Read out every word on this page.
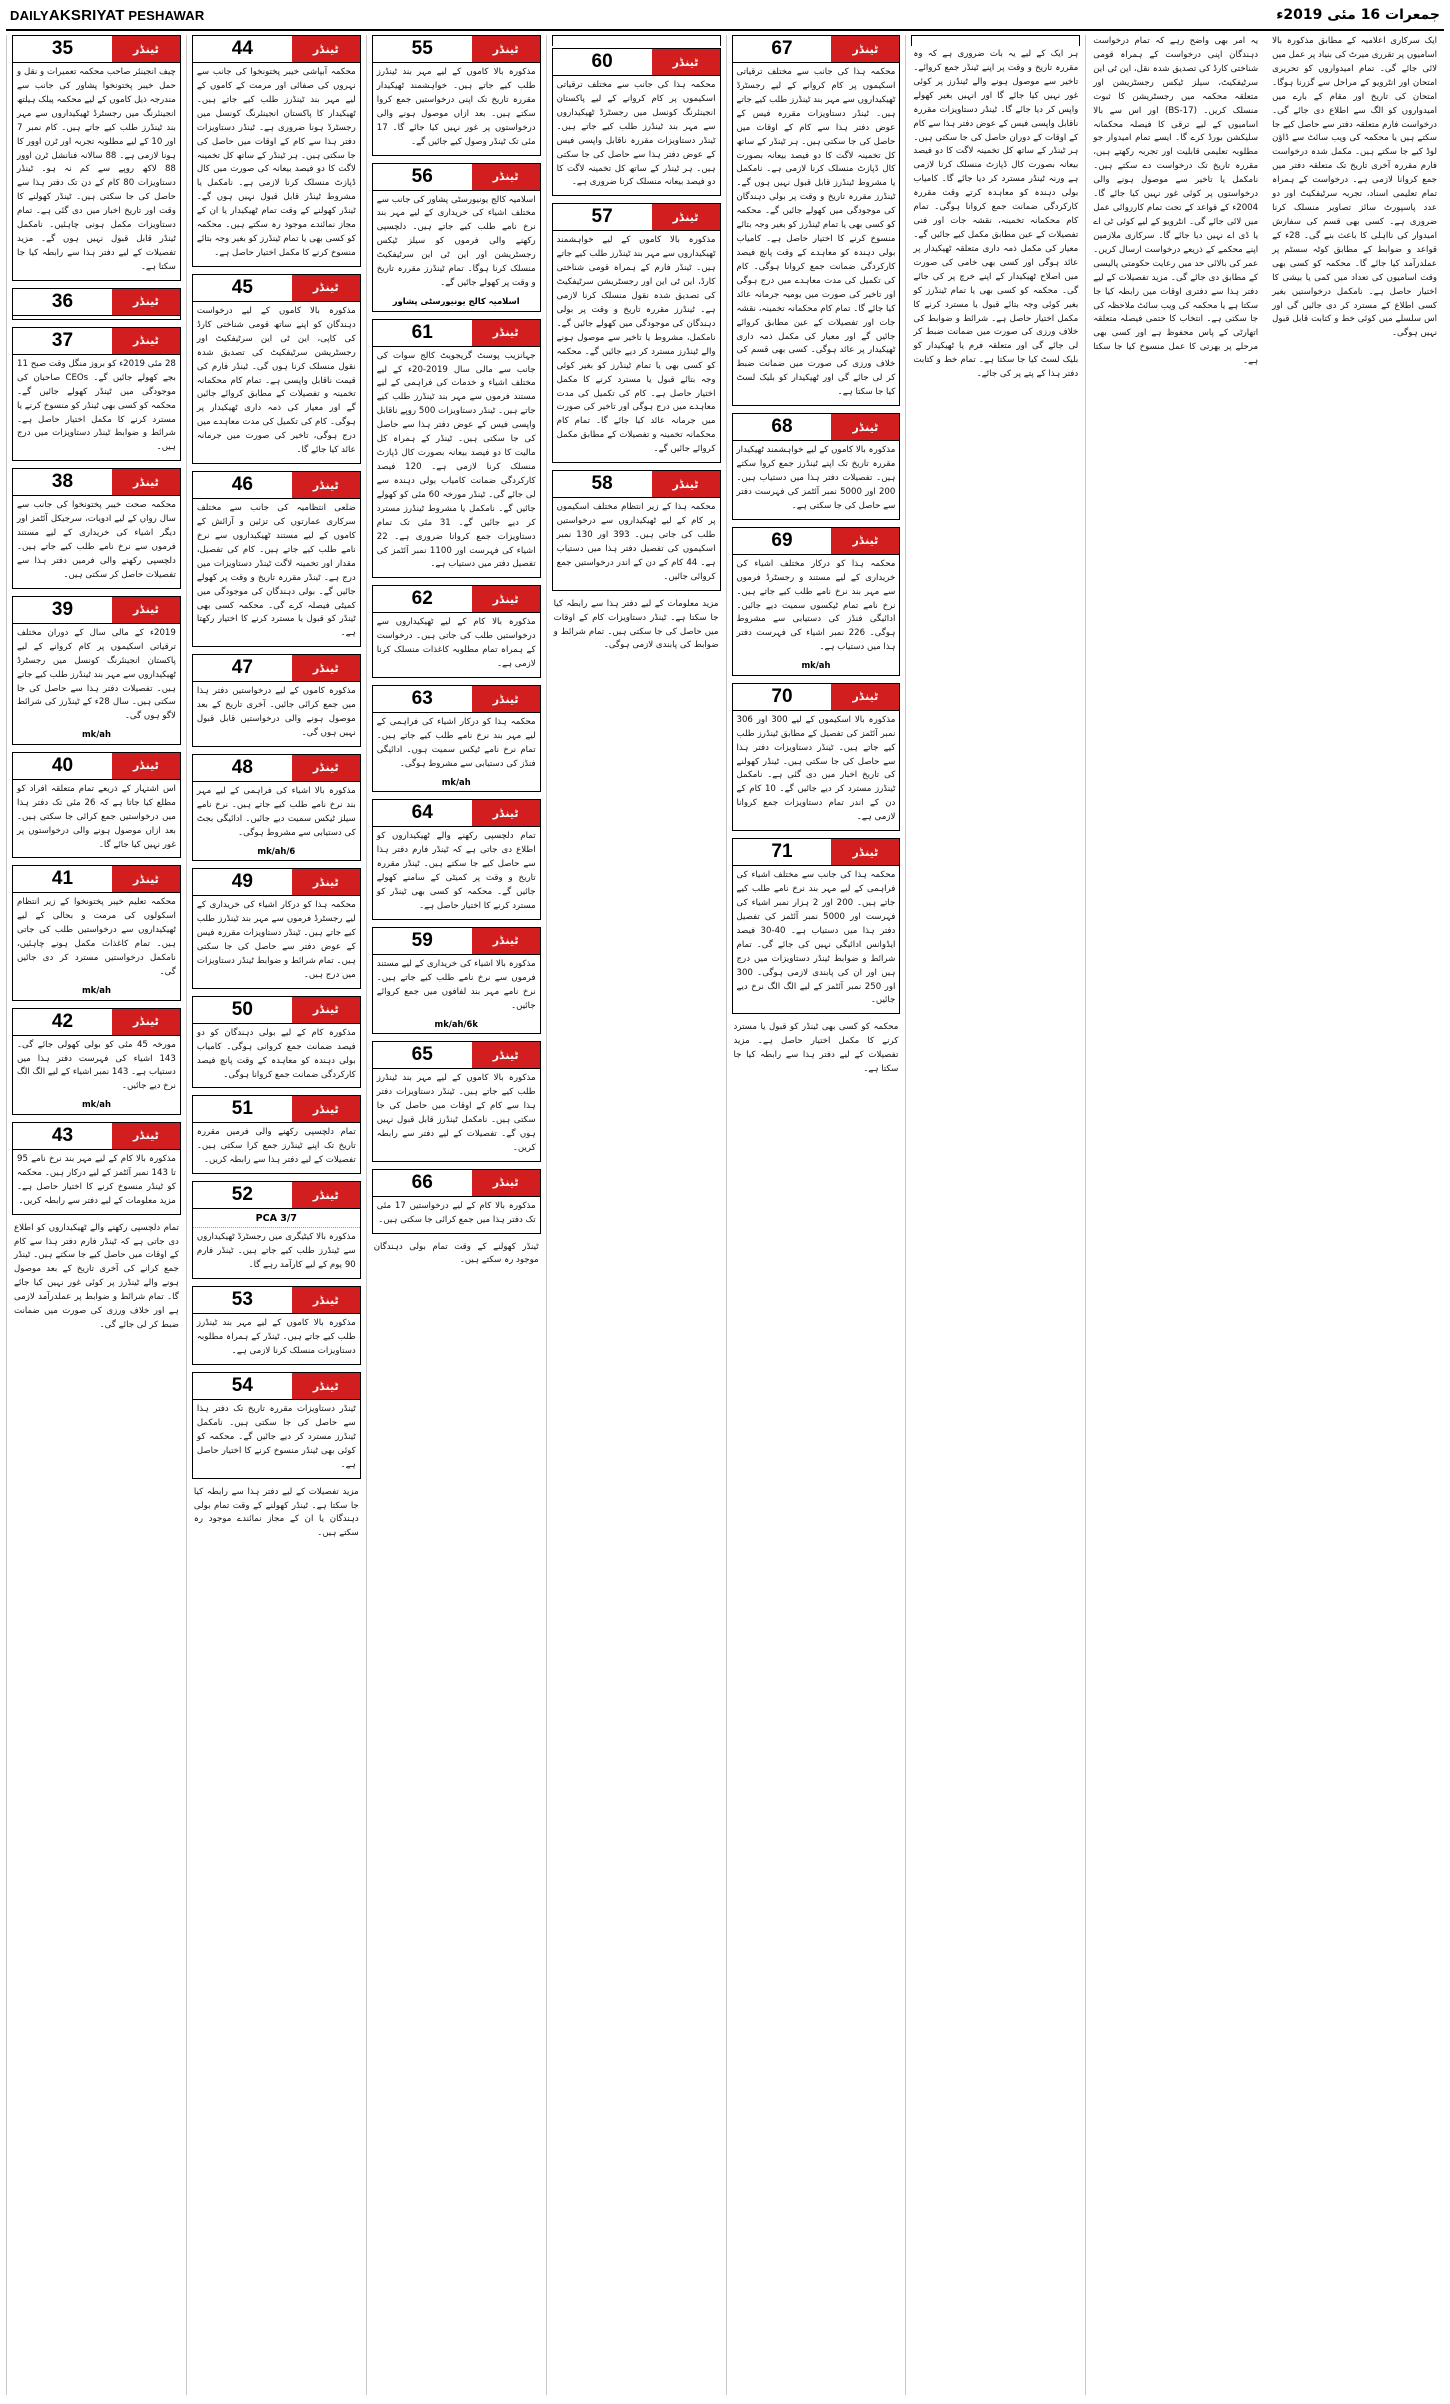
DAILYAKSRIYAT PESHAWAR	جمعرات 16 مئی 2019ء
ٹینڈر
35
چیف انجینئر صاحب محکمہ تعمیرات و نقل و حمل خیبر پختونخوا پشاور کی جانب سے مندرجہ ذیل کاموں کے لیے محکمہ پبلک ہیلتھ انجینئرنگ میں رجسٹرڈ ٹھیکیداروں سے مہر بند ٹینڈرز طلب کیے جاتے ہیں۔ کام نمبر 7 اور 10 کے لیے مطلوبہ تجربہ اور ٹرن اوور کا ہونا لازمی ہے۔ 88 سالانہ فنانشل ٹرن اوور 88 لاکھ روپے سے کم نہ ہو۔ ٹینڈر دستاویزات 80 کام کے دن تک دفتر ہذا سے حاصل کی جا سکتی ہیں۔ ٹینڈر کھولنے کا وقت اور تاریخ اخبار میں دی گئی ہے۔ تمام دستاویزات مکمل ہونی چاہئیں۔ نامکمل ٹینڈر قابل قبول نہیں ہوں گے۔ مزید تفصیلات کے لیے دفتر ہذا سے رابطہ کیا جا سکتا ہے۔
ٹینڈر
36
ٹینڈر
37
28 مئی 2019ء کو بروز منگل وقت صبح 11 بجے کھولے جائیں گے۔ CEOs صاحبان کی موجودگی میں ٹینڈر کھولے جائیں گے۔ محکمہ کو کسی بھی ٹینڈر کو منسوخ کرنے یا مسترد کرنے کا مکمل اختیار حاصل ہے۔ شرائط و ضوابط ٹینڈر دستاویزات میں درج ہیں۔
ٹینڈر
38
محکمہ صحت خیبر پختونخوا کی جانب سے سال رواں کے لیے ادویات، سرجیکل آئٹمز اور دیگر اشیاء کی خریداری کے لیے مستند فرموں سے نرخ نامے طلب کیے جاتے ہیں۔ دلچسپی رکھنے والی فرمیں دفتر ہذا سے تفصیلات حاصل کر سکتی ہیں۔
ٹینڈر
39
2019ء کے مالی سال کے دوران مختلف ترقیاتی اسکیموں پر کام کروانے کے لیے پاکستان انجینئرنگ کونسل میں رجسٹرڈ ٹھیکیداروں سے مہر بند ٹینڈرز طلب کیے جاتے ہیں۔ تفصیلات دفتر ہذا سے حاصل کی جا سکتی ہیں۔ سال 28ء کے ٹینڈرز کی شرائط لاگو ہوں گی۔
mk/ah
ٹینڈر
40
اس اشتہار کے ذریعے تمام متعلقہ افراد کو مطلع کیا جاتا ہے کہ 26 مئی تک دفتر ہذا میں درخواستیں جمع کرائی جا سکتی ہیں۔ بعد ازاں موصول ہونے والی درخواستوں پر غور نہیں کیا جائے گا۔
ٹینڈر
41
محکمہ تعلیم خیبر پختونخوا کے زیر انتظام اسکولوں کی مرمت و بحالی کے لیے ٹھیکیداروں سے درخواستیں طلب کی جاتی ہیں۔ تمام کاغذات مکمل ہونے چاہئیں، نامکمل درخواستیں مسترد کر دی جائیں گی۔
mk/ah
ٹینڈر
42
مورخہ 45 مئی کو بولی کھولی جائے گی۔ 143 اشیاء کی فہرست دفتر ہذا میں دستیاب ہے۔ 143 نمبر اشیاء کے لیے الگ الگ نرخ دیے جائیں۔
mk/ah
ٹینڈر
43
مذکورہ بالا کام کے لیے مہر بند نرخ نامے 95 تا 143 نمبر آئٹمز کے لیے درکار ہیں۔ محکمہ کو ٹینڈر منسوخ کرنے کا اختیار حاصل ہے۔ مزید معلومات کے لیے دفتر سے رابطہ کریں۔
تمام دلچسپی رکھنے والے ٹھیکیداروں کو اطلاع دی جاتی ہے کہ ٹینڈر فارم دفتر ہذا سے کام کے اوقات میں حاصل کیے جا سکتے ہیں۔ ٹینڈر جمع کرانے کی آخری تاریخ کے بعد موصول ہونے والے ٹینڈرز پر کوئی غور نہیں کیا جائے گا۔ تمام شرائط و ضوابط پر عملدرآمد لازمی ہے اور خلاف ورزی کی صورت میں ضمانت ضبط کر لی جائے گی۔
ٹینڈر
44
محکمہ آبپاشی خیبر پختونخوا کی جانب سے نہروں کی صفائی اور مرمت کے کاموں کے لیے مہر بند ٹینڈرز طلب کیے جاتے ہیں۔ ٹھیکیدار کا پاکستان انجینئرنگ کونسل میں رجسٹرڈ ہونا ضروری ہے۔ ٹینڈر دستاویزات دفتر ہذا سے کام کے اوقات میں حاصل کی جا سکتی ہیں۔ ہر ٹینڈر کے ساتھ کل تخمینہ لاگت کا دو فیصد بیعانہ کی صورت میں کال ڈپازٹ منسلک کرنا لازمی ہے۔ نامکمل یا مشروط ٹینڈر قابل قبول نہیں ہوں گے۔ ٹینڈر کھولنے کے وقت تمام ٹھیکیدار یا ان کے مجاز نمائندے موجود رہ سکتے ہیں۔ محکمہ کو کسی بھی یا تمام ٹینڈرز کو بغیر وجہ بتائے منسوخ کرنے کا مکمل اختیار حاصل ہے۔
ٹینڈر
45
مذکورہ بالا کاموں کے لیے درخواست دہندگان کو اپنے ساتھ قومی شناختی کارڈ کی کاپی، این ٹی این سرٹیفکیٹ اور رجسٹریشن سرٹیفکیٹ کی تصدیق شدہ نقول منسلک کرنا ہوں گی۔ ٹینڈر فارم کی قیمت ناقابل واپسی ہے۔ تمام کام محکمانہ تخمینہ و تفصیلات کے مطابق کروائے جائیں گے اور معیار کی ذمہ داری ٹھیکیدار پر ہوگی۔ کام کی تکمیل کی مدت معاہدے میں درج ہوگی، تاخیر کی صورت میں جرمانہ عائد کیا جائے گا۔
ٹینڈر
46
ضلعی انتظامیہ کی جانب سے مختلف سرکاری عمارتوں کی تزئین و آرائش کے کاموں کے لیے مستند ٹھیکیداروں سے نرخ نامے طلب کیے جاتے ہیں۔ کام کی تفصیل، مقدار اور تخمینہ لاگت ٹینڈر دستاویزات میں درج ہے۔ ٹینڈر مقررہ تاریخ و وقت پر کھولے جائیں گے۔ بولی دہندگان کی موجودگی میں کمیٹی فیصلہ کرے گی۔ محکمہ کسی بھی ٹینڈر کو قبول یا مسترد کرنے کا اختیار رکھتا ہے۔
ٹینڈر
47
مذکورہ کاموں کے لیے درخواستیں دفتر ہذا میں جمع کرائی جائیں۔ آخری تاریخ کے بعد موصول ہونے والی درخواستیں قابل قبول نہیں ہوں گی۔
ٹینڈر
48
مذکورہ بالا اشیاء کی فراہمی کے لیے مہر بند نرخ نامے طلب کیے جاتے ہیں۔ نرخ نامے سیلز ٹیکس سمیت دیے جائیں۔ ادائیگی بجٹ کی دستیابی سے مشروط ہوگی۔
mk/ah/6
ٹینڈر
49
محکمہ ہذا کو درکار اشیاء کی خریداری کے لیے رجسٹرڈ فرموں سے مہر بند ٹینڈرز طلب کیے جاتے ہیں۔ ٹینڈر دستاویزات مقررہ فیس کے عوض دفتر سے حاصل کی جا سکتی ہیں۔ تمام شرائط و ضوابط ٹینڈر دستاویزات میں درج ہیں۔
ٹینڈر
50
مذکورہ کام کے لیے بولی دہندگان کو دو فیصد ضمانت جمع کروانی ہوگی۔ کامیاب بولی دہندہ کو معاہدہ کے وقت پانچ فیصد کارکردگی ضمانت جمع کروانا ہوگی۔
ٹینڈر
51
تمام دلچسپی رکھنے والی فرمیں مقررہ تاریخ تک اپنے ٹینڈرز جمع کرا سکتی ہیں۔ تفصیلات کے لیے دفتر ہذا سے رابطہ کریں۔
ٹینڈر
52
3/7 PCA
مذکورہ بالا کیٹیگری میں رجسٹرڈ ٹھیکیداروں سے ٹینڈرز طلب کیے جاتے ہیں۔ ٹینڈر فارم 90 یوم کے لیے کارآمد رہے گا۔
ٹینڈر
53
مذکورہ بالا کاموں کے لیے مہر بند ٹینڈرز طلب کیے جاتے ہیں۔ ٹینڈر کے ہمراہ مطلوبہ دستاویزات منسلک کرنا لازمی ہے۔
ٹینڈر
54
ٹینڈر دستاویزات مقررہ تاریخ تک دفتر ہذا سے حاصل کی جا سکتی ہیں۔ نامکمل ٹینڈرز مسترد کر دیے جائیں گے۔ محکمہ کو کوئی بھی ٹینڈر منسوخ کرنے کا اختیار حاصل ہے۔
مزید تفصیلات کے لیے دفتر ہذا سے رابطہ کیا جا سکتا ہے۔ ٹینڈر کھولنے کے وقت تمام بولی دہندگان یا ان کے مجاز نمائندے موجود رہ سکتے ہیں۔
ٹینڈر
55
مذکورہ بالا کاموں کے لیے مہر بند ٹینڈرز طلب کیے جاتے ہیں۔ خواہشمند ٹھیکیدار مقررہ تاریخ تک اپنی درخواستیں جمع کروا سکتے ہیں۔ بعد ازاں موصول ہونے والی درخواستوں پر غور نہیں کیا جائے گا۔ 17 مئی تک ٹینڈر وصول کیے جائیں گے۔
ٹینڈر
56
اسلامیہ کالج یونیورسٹی پشاور کی جانب سے مختلف اشیاء کی خریداری کے لیے مہر بند نرخ نامے طلب کیے جاتے ہیں۔ دلچسپی رکھنے والی فرموں کو سیلز ٹیکس رجسٹریشن اور این ٹی این سرٹیفکیٹ منسلک کرنا ہوگا۔ تمام ٹینڈرز مقررہ تاریخ و وقت پر کھولے جائیں گے۔
اسلامیہ کالج یونیورسٹی پشاور
ٹینڈر
61
جہانزیب پوسٹ گریجویٹ کالج سوات کی جانب سے مالی سال 2019-20ء کے لیے مختلف اشیاء و خدمات کی فراہمی کے لیے مستند فرموں سے مہر بند ٹینڈرز طلب کیے جاتے ہیں۔ ٹینڈر دستاویزات 500 روپے ناقابل واپسی فیس کے عوض دفتر ہذا سے حاصل کی جا سکتی ہیں۔ ٹینڈر کے ہمراہ کل مالیت کا دو فیصد بیعانہ بصورت کال ڈپازٹ منسلک کرنا لازمی ہے۔ 120 فیصد کارکردگی ضمانت کامیاب بولی دہندہ سے لی جائے گی۔ ٹینڈر مورخہ 60 مئی کو کھولے جائیں گے۔ نامکمل یا مشروط ٹینڈرز مسترد کر دیے جائیں گے۔ 31 مئی تک تمام دستاویزات جمع کروانا ضروری ہے۔ 22 اشیاء کی فہرست اور 1100 نمبر آئٹمز کی تفصیل دفتر میں دستیاب ہے۔
ٹینڈر
62
مذکورہ بالا کام کے لیے ٹھیکیداروں سے درخواستیں طلب کی جاتی ہیں۔ درخواست کے ہمراہ تمام مطلوبہ کاغذات منسلک کرنا لازمی ہے۔
ٹینڈر
63
محکمہ ہذا کو درکار اشیاء کی فراہمی کے لیے مہر بند نرخ نامے طلب کیے جاتے ہیں۔ تمام نرخ نامے ٹیکس سمیت ہوں۔ ادائیگی فنڈز کی دستیابی سے مشروط ہوگی۔
mk/ah
ٹینڈر
64
تمام دلچسپی رکھنے والے ٹھیکیداروں کو اطلاع دی جاتی ہے کہ ٹینڈر فارم دفتر ہذا سے حاصل کیے جا سکتے ہیں۔ ٹینڈر مقررہ تاریخ و وقت پر کمیٹی کے سامنے کھولے جائیں گے۔ محکمہ کو کسی بھی ٹینڈر کو مسترد کرنے کا اختیار حاصل ہے۔
ٹینڈر
59
مذکورہ بالا اشیاء کی خریداری کے لیے مستند فرموں سے نرخ نامے طلب کیے جاتے ہیں۔ نرخ نامے مہر بند لفافوں میں جمع کروائے جائیں۔
mk/ah/6k
ٹینڈر
65
مذکورہ بالا کاموں کے لیے مہر بند ٹینڈرز طلب کیے جاتے ہیں۔ ٹینڈر دستاویزات دفتر ہذا سے کام کے اوقات میں حاصل کی جا سکتی ہیں۔ نامکمل ٹینڈرز قابل قبول نہیں ہوں گے۔ تفصیلات کے لیے دفتر سے رابطہ کریں۔
ٹینڈر
66
مذکورہ بالا کام کے لیے درخواستیں 17 مئی تک دفتر ہذا میں جمع کرائی جا سکتی ہیں۔
ٹینڈر کھولنے کے وقت تمام بولی دہندگان موجود رہ سکتے ہیں۔
ٹینڈر
60
محکمہ ہذا کی جانب سے مختلف ترقیاتی اسکیموں پر کام کروانے کے لیے پاکستان انجینئرنگ کونسل میں رجسٹرڈ ٹھیکیداروں سے مہر بند ٹینڈرز طلب کیے جاتے ہیں۔ ٹینڈر دستاویزات مقررہ ناقابل واپسی فیس کے عوض دفتر ہذا سے حاصل کی جا سکتی ہیں۔ ہر ٹینڈر کے ساتھ کل تخمینہ لاگت کا دو فیصد بیعانہ منسلک کرنا ضروری ہے۔
ٹینڈر
57
مذکورہ بالا کاموں کے لیے خواہشمند ٹھیکیداروں سے مہر بند ٹینڈرز طلب کیے جاتے ہیں۔ ٹینڈر فارم کے ہمراہ قومی شناختی کارڈ، این ٹی این اور رجسٹریشن سرٹیفکیٹ کی تصدیق شدہ نقول منسلک کرنا لازمی ہے۔ ٹینڈرز مقررہ تاریخ و وقت پر بولی دہندگان کی موجودگی میں کھولے جائیں گے۔ نامکمل، مشروط یا تاخیر سے موصول ہونے والے ٹینڈرز مسترد کر دیے جائیں گے۔ محکمہ کو کسی بھی یا تمام ٹینڈرز کو بغیر کوئی وجہ بتائے قبول یا مسترد کرنے کا مکمل اختیار حاصل ہے۔ کام کی تکمیل کی مدت معاہدے میں درج ہوگی اور تاخیر کی صورت میں جرمانہ عائد کیا جائے گا۔ تمام کام محکمانہ تخمینہ و تفصیلات کے مطابق مکمل کروائے جائیں گے۔
ٹینڈر
58
محکمہ ہذا کے زیر انتظام مختلف اسکیموں پر کام کے لیے ٹھیکیداروں سے درخواستیں طلب کی جاتی ہیں۔ 393 اور 130 نمبر اسکیموں کی تفصیل دفتر ہذا میں دستیاب ہے۔ 44 کام کے دن کے اندر درخواستیں جمع کروائی جائیں۔
مزید معلومات کے لیے دفتر ہذا سے رابطہ کیا جا سکتا ہے۔ ٹینڈر دستاویزات کام کے اوقات میں حاصل کی جا سکتی ہیں۔ تمام شرائط و ضوابط کی پابندی لازمی ہوگی۔
ٹینڈر
67
محکمہ ہذا کی جانب سے مختلف ترقیاتی اسکیموں پر کام کروانے کے لیے رجسٹرڈ ٹھیکیداروں سے مہر بند ٹینڈرز طلب کیے جاتے ہیں۔ ٹینڈر دستاویزات مقررہ فیس کے عوض دفتر ہذا سے کام کے اوقات میں حاصل کی جا سکتی ہیں۔ ہر ٹینڈر کے ساتھ کل تخمینہ لاگت کا دو فیصد بیعانہ بصورت کال ڈپازٹ منسلک کرنا لازمی ہے۔ نامکمل یا مشروط ٹینڈرز قابل قبول نہیں ہوں گے۔ ٹینڈرز مقررہ تاریخ و وقت پر بولی دہندگان کی موجودگی میں کھولے جائیں گے۔ محکمہ کو کسی بھی یا تمام ٹینڈرز کو بغیر وجہ بتائے منسوخ کرنے کا اختیار حاصل ہے۔ کامیاب بولی دہندہ کو معاہدے کے وقت پانچ فیصد کارکردگی ضمانت جمع کروانا ہوگی۔ کام کی تکمیل کی مدت معاہدے میں درج ہوگی اور تاخیر کی صورت میں یومیہ جرمانہ عائد کیا جائے گا۔ تمام کام محکمانہ تخمینہ، نقشہ جات اور تفصیلات کے عین مطابق کروائے جائیں گے اور معیار کی مکمل ذمہ داری ٹھیکیدار پر عائد ہوگی۔ کسی بھی قسم کی خلاف ورزی کی صورت میں ضمانت ضبط کر لی جائے گی اور ٹھیکیدار کو بلیک لسٹ کیا جا سکتا ہے۔
ٹینڈر
68
مذکورہ بالا کاموں کے لیے خواہشمند ٹھیکیدار مقررہ تاریخ تک اپنے ٹینڈرز جمع کروا سکتے ہیں۔ تفصیلات دفتر ہذا میں دستیاب ہیں۔ 200 اور 5000 نمبر آئٹمز کی فہرست دفتر سے حاصل کی جا سکتی ہے۔
ٹینڈر
69
محکمہ ہذا کو درکار مختلف اشیاء کی خریداری کے لیے مستند و رجسٹرڈ فرموں سے مہر بند نرخ نامے طلب کیے جاتے ہیں۔ نرخ نامے تمام ٹیکسوں سمیت دیے جائیں۔ ادائیگی فنڈز کی دستیابی سے مشروط ہوگی۔ 226 نمبر اشیاء کی فہرست دفتر ہذا میں دستیاب ہے۔
mk/ah
ٹینڈر
70
مذکورہ بالا اسکیموں کے لیے 300 اور 306 نمبر آئٹمز کی تفصیل کے مطابق ٹینڈرز طلب کیے جاتے ہیں۔ ٹینڈر دستاویزات دفتر ہذا سے حاصل کی جا سکتی ہیں۔ ٹینڈر کھولنے کی تاریخ اخبار میں دی گئی ہے۔ نامکمل ٹینڈرز مسترد کر دیے جائیں گے۔ 10 کام کے دن کے اندر تمام دستاویزات جمع کروانا لازمی ہے۔
ٹینڈر
71
محکمہ ہذا کی جانب سے مختلف اشیاء کی فراہمی کے لیے مہر بند نرخ نامے طلب کیے جاتے ہیں۔ 200 اور 2 ہزار نمبر اشیاء کی فہرست اور 5000 نمبر آئٹمز کی تفصیل دفتر ہذا میں دستیاب ہے۔ 40-30 فیصد ایڈوانس ادائیگی نہیں کی جائے گی۔ تمام شرائط و ضوابط ٹینڈر دستاویزات میں درج ہیں اور ان کی پابندی لازمی ہوگی۔ 300 اور 250 نمبر آئٹمز کے لیے الگ الگ نرخ دیے جائیں۔
محکمہ کو کسی بھی ٹینڈر کو قبول یا مسترد کرنے کا مکمل اختیار حاصل ہے۔ مزید تفصیلات کے لیے دفتر ہذا سے رابطہ کیا جا سکتا ہے۔
ہر ایک کے لیے یہ بات ضروری ہے کہ وہ مقررہ تاریخ و وقت پر اپنے ٹینڈر جمع کروائے۔ تاخیر سے موصول ہونے والے ٹینڈرز پر کوئی غور نہیں کیا جائے گا اور انہیں بغیر کھولے واپس کر دیا جائے گا۔ ٹینڈر دستاویزات مقررہ ناقابل واپسی فیس کے عوض دفتر ہذا سے کام کے اوقات کے دوران حاصل کی جا سکتی ہیں۔ ہر ٹینڈر کے ساتھ کل تخمینہ لاگت کا دو فیصد بیعانہ بصورت کال ڈپازٹ منسلک کرنا لازمی ہے ورنہ ٹینڈر مسترد کر دیا جائے گا۔ کامیاب بولی دہندہ کو معاہدہ کرتے وقت مقررہ کارکردگی ضمانت جمع کروانا ہوگی۔ تمام کام محکمانہ تخمینہ، نقشہ جات اور فنی تفصیلات کے عین مطابق مکمل کیے جائیں گے۔ معیار کی مکمل ذمہ داری متعلقہ ٹھیکیدار پر عائد ہوگی اور کسی بھی خامی کی صورت میں اصلاح ٹھیکیدار کے اپنے خرچ پر کی جائے گی۔ محکمہ کو کسی بھی یا تمام ٹینڈرز کو بغیر کوئی وجہ بتائے قبول یا مسترد کرنے کا مکمل اختیار حاصل ہے۔ شرائط و ضوابط کی خلاف ورزی کی صورت میں ضمانت ضبط کر لی جائے گی اور متعلقہ فرم یا ٹھیکیدار کو بلیک لسٹ کیا جا سکتا ہے۔ تمام خط و کتابت دفتر ہذا کے پتے پر کی جائے۔
یہ امر بھی واضح رہے کہ تمام درخواست دہندگان اپنی درخواست کے ہمراہ قومی شناختی کارڈ کی تصدیق شدہ نقل، این ٹی این سرٹیفکیٹ، سیلز ٹیکس رجسٹریشن اور متعلقہ محکمہ میں رجسٹریشن کا ثبوت منسلک کریں۔ (BS-17) اور اس سے بالا اسامیوں کے لیے ترقی کا فیصلہ محکمانہ سلیکشن بورڈ کرے گا۔ ایسے تمام امیدوار جو مطلوبہ تعلیمی قابلیت اور تجربہ رکھتے ہیں، مقررہ تاریخ تک درخواست دے سکتے ہیں۔ نامکمل یا تاخیر سے موصول ہونے والی درخواستوں پر کوئی غور نہیں کیا جائے گا۔ 2004ء کے قواعد کے تحت تمام کارروائی عمل میں لائی جائے گی۔ انٹرویو کے لیے کوئی ٹی اے یا ڈی اے نہیں دیا جائے گا۔ سرکاری ملازمین اپنے محکمے کے ذریعے درخواست ارسال کریں۔ عمر کی بالائی حد میں رعایت حکومتی پالیسی کے مطابق دی جائے گی۔ مزید تفصیلات کے لیے دفتر ہذا سے دفتری اوقات میں رابطہ کیا جا سکتا ہے یا محکمہ کی ویب سائٹ ملاحظہ کی جا سکتی ہے۔ انتخاب کا حتمی فیصلہ متعلقہ اتھارٹی کے پاس محفوظ ہے اور کسی بھی مرحلے پر بھرتی کا عمل منسوخ کیا جا سکتا ہے۔
ایک سرکاری اعلامیہ کے مطابق مذکورہ بالا اسامیوں پر تقرری میرٹ کی بنیاد پر عمل میں لائی جائے گی۔ تمام امیدواروں کو تحریری امتحان اور انٹرویو کے مراحل سے گزرنا ہوگا۔ امتحان کی تاریخ اور مقام کے بارے میں امیدواروں کو الگ سے اطلاع دی جائے گی۔ درخواست فارم متعلقہ دفتر سے حاصل کیے جا سکتے ہیں یا محکمہ کی ویب سائٹ سے ڈاؤن لوڈ کیے جا سکتے ہیں۔ مکمل شدہ درخواست فارم مقررہ آخری تاریخ تک متعلقہ دفتر میں جمع کروانا لازمی ہے۔ درخواست کے ہمراہ تمام تعلیمی اسناد، تجربہ سرٹیفکیٹ اور دو عدد پاسپورٹ سائز تصاویر منسلک کرنا ضروری ہے۔ کسی بھی قسم کی سفارش امیدوار کی نااہلی کا باعث بنے گی۔ 28ء کے قواعد و ضوابط کے مطابق کوٹہ سسٹم پر عملدرآمد کیا جائے گا۔ محکمہ کو کسی بھی وقت اسامیوں کی تعداد میں کمی یا بیشی کا اختیار حاصل ہے۔ نامکمل درخواستیں بغیر کسی اطلاع کے مسترد کر دی جائیں گی اور اس سلسلے میں کوئی خط و کتابت قابل قبول نہیں ہوگی۔
